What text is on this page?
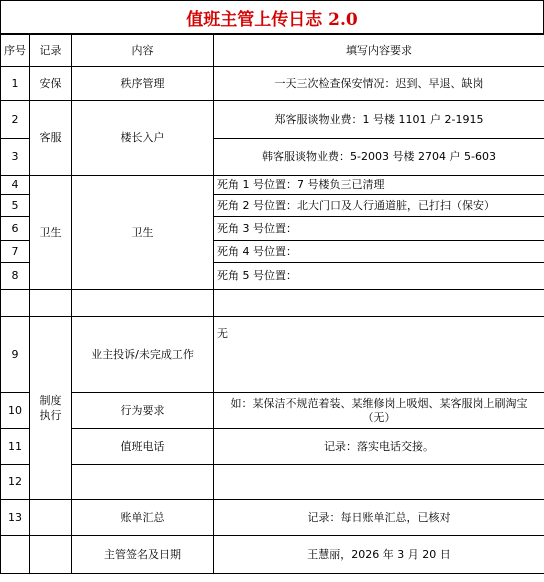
值班主管上传日志 2.0
序号	记录	内容	填写内容要求
1	安保	秩序管理	一天三次检查保安情况：迟到、早退、缺岗
2	客服	楼长入户	郑客服谈物业费：1 号楼 1101 户 2-1915
3			韩客服谈物业费：5-2003 号楼 2704 户 5-603
4	卫生	卫生	死角 1 号位置：7 号楼负三已清理
5			死角 2 号位置：北大门口及人行通道脏，已打扫（保安）
6			死角 3 号位置：
7			死角 4 号位置：
8			死角 5 号位置：

9	制度执行	业主投诉/未完成工作	无
10		行为要求	如：某保洁不规范着装、某维修岗上吸烟、某客服岗上刷淘宝（无）
11		值班电话	记录：落实电话交接。
12			
13		账单汇总	记录：每日账单汇总，已核对
		主管签名及日期	王慧丽，2026 年 3 月 20 日
